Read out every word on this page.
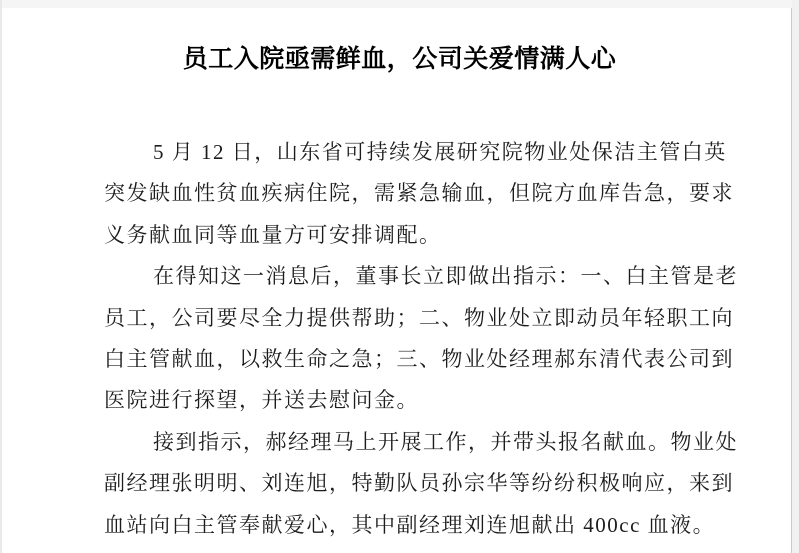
员工入院亟需鲜血，公司关爱情满人心
5 月 12 日，山东省可持续发展研究院物业处保洁主管白英
突发缺血性贫血疾病住院，需紧急输血，但院方血库告急，要求
义务献血同等血量方可安排调配。
在得知这一消息后，董事长立即做出指示：一、白主管是老
员工，公司要尽全力提供帮助；二、物业处立即动员年轻职工向
白主管献血，以救生命之急；三、物业处经理郝东清代表公司到
医院进行探望，并送去慰问金。
接到指示，郝经理马上开展工作，并带头报名献血。物业处
副经理张明明、刘连旭，特勤队员孙宗华等纷纷积极响应，来到
血站向白主管奉献爱心，其中副经理刘连旭献出 400cc 血液。
